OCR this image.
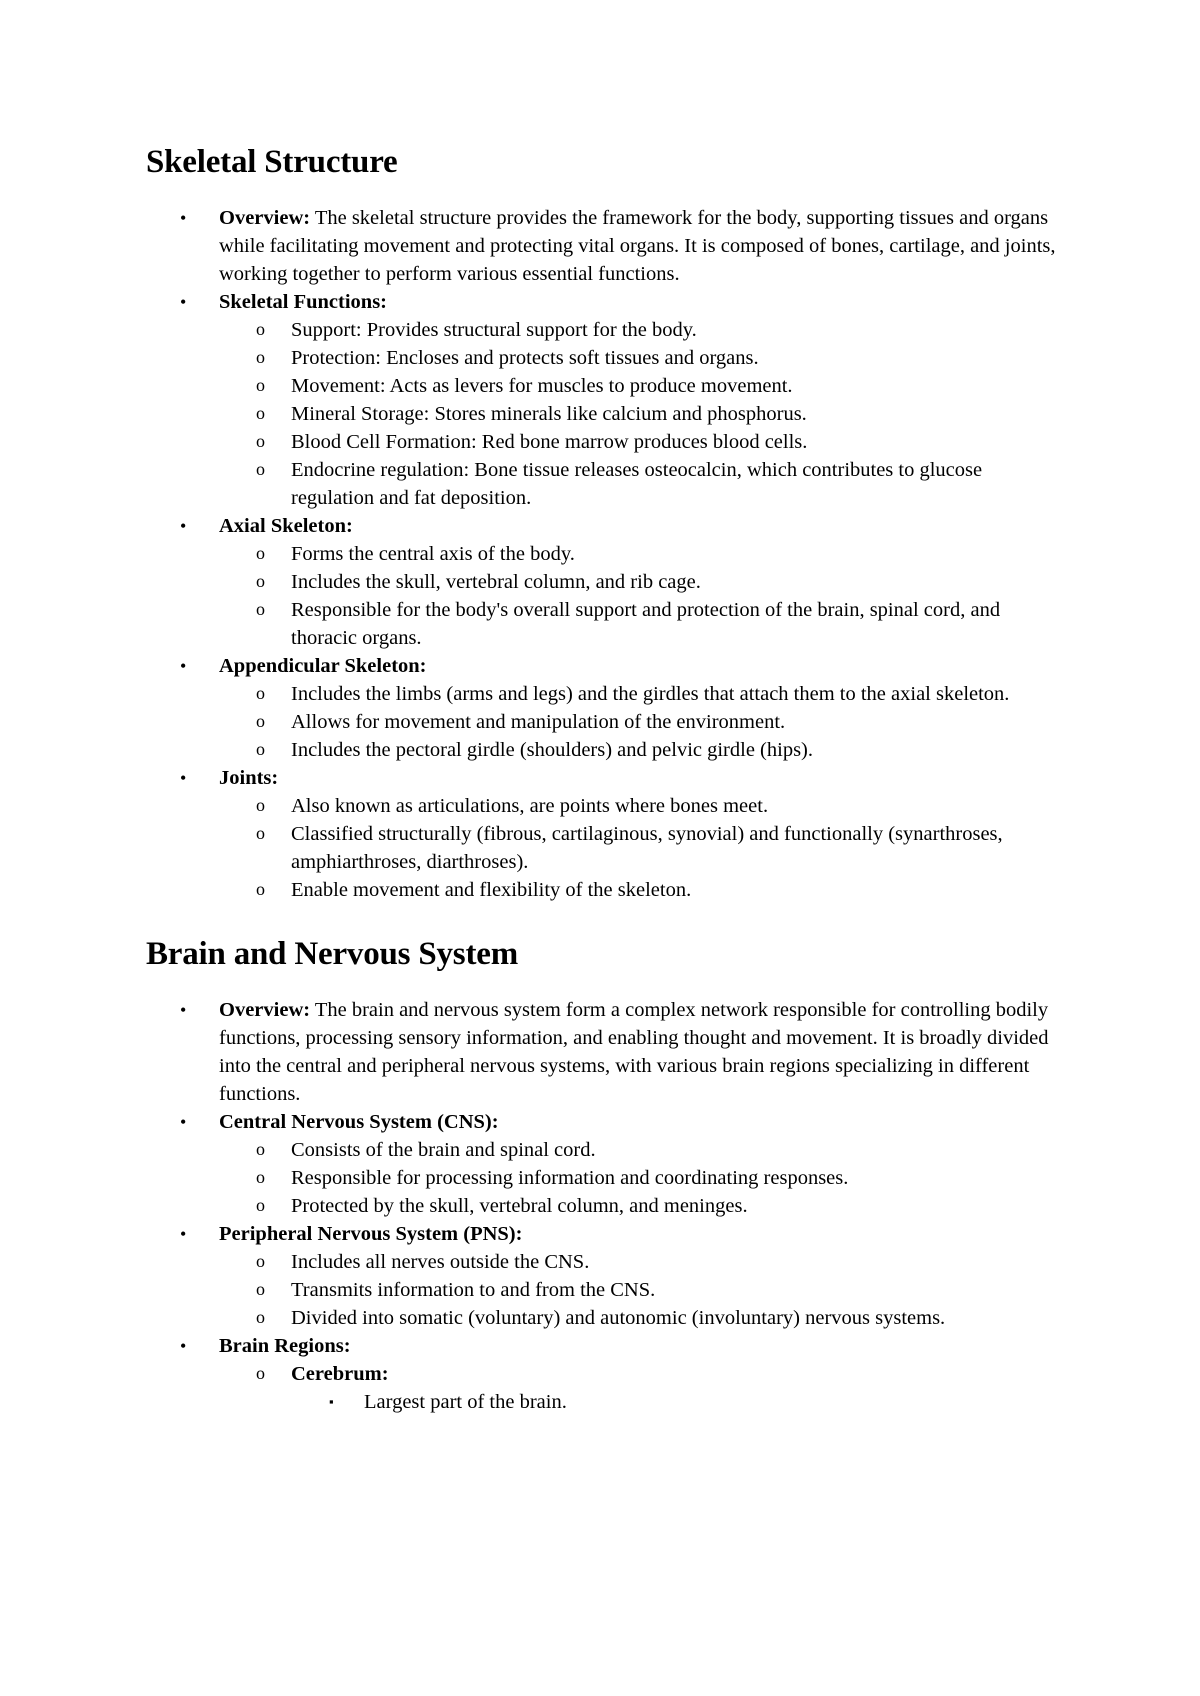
Skeletal Structure
• Overview: The skeletal structure provides the framework for the body, supporting tissues and organs while facilitating movement and protecting vital organs. It is composed of bones, cartilage, and joints, working together to perform various essential functions.
• Skeletal Functions:
o Support: Provides structural support for the body.
o Protection: Encloses and protects soft tissues and organs.
o Movement: Acts as levers for muscles to produce movement.
o Mineral Storage: Stores minerals like calcium and phosphorus.
o Blood Cell Formation: Red bone marrow produces blood cells.
o Endocrine regulation: Bone tissue releases osteocalcin, which contributes to glucose regulation and fat deposition.
• Axial Skeleton:
o Forms the central axis of the body.
o Includes the skull, vertebral column, and rib cage.
o Responsible for the body's overall support and protection of the brain, spinal cord, and thoracic organs.
• Appendicular Skeleton:
o Includes the limbs (arms and legs) and the girdles that attach them to the axial skeleton.
o Allows for movement and manipulation of the environment.
o Includes the pectoral girdle (shoulders) and pelvic girdle (hips).
• Joints:
o Also known as articulations, are points where bones meet.
o Classified structurally (fibrous, cartilaginous, synovial) and functionally (synarthroses, amphiarthroses, diarthroses).
o Enable movement and flexibility of the skeleton.
Brain and Nervous System
• Overview: The brain and nervous system form a complex network responsible for controlling bodily functions, processing sensory information, and enabling thought and movement. It is broadly divided into the central and peripheral nervous systems, with various brain regions specializing in different functions.
• Central Nervous System (CNS):
o Consists of the brain and spinal cord.
o Responsible for processing information and coordinating responses.
o Protected by the skull, vertebral column, and meninges.
• Peripheral Nervous System (PNS):
o Includes all nerves outside the CNS.
o Transmits information to and from the CNS.
o Divided into somatic (voluntary) and autonomic (involuntary) nervous systems.
• Brain Regions:
o Cerebrum:
▪ Largest part of the brain.
